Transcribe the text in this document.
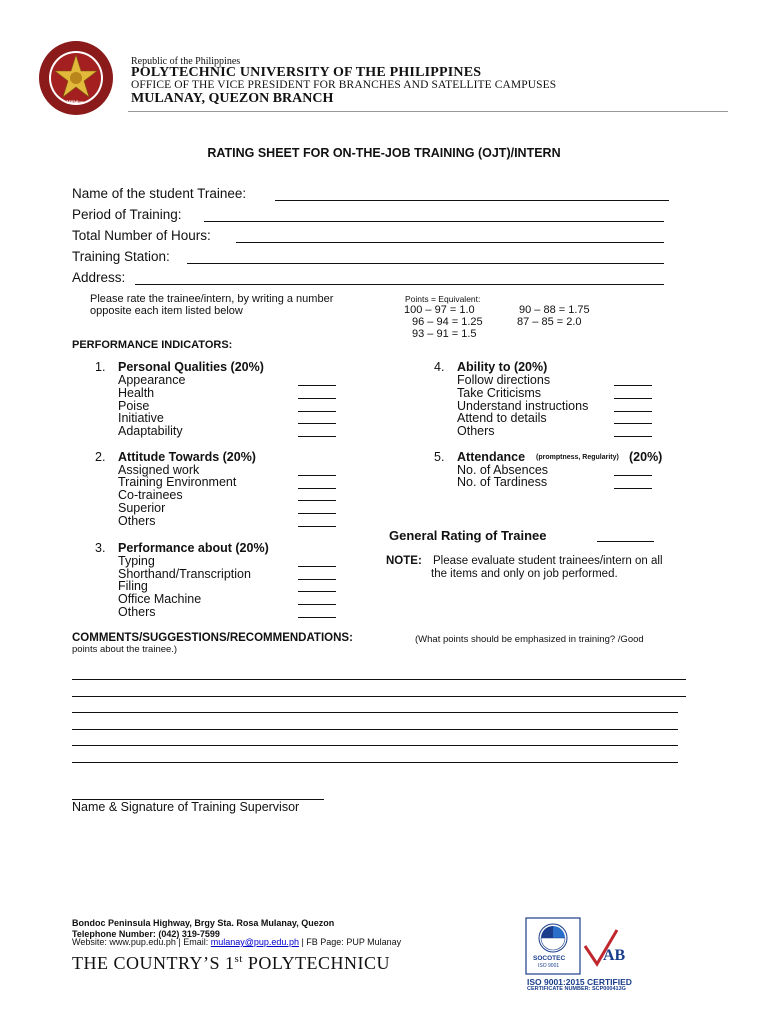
1904
Republic of the Philippines
POLYTECHNIC UNIVERSITY OF THE PHILIPPINES
OFFICE OF THE VICE PRESIDENT FOR BRANCHES AND SATELLITE CAMPUSES
MULANAY, QUEZON BRANCH
RATING SHEET FOR ON-THE-JOB TRAINING (OJT)/INTERN
Name of the student Trainee:
Period of Training:
Total Number of Hours:
Training Station:
Address:
Please rate the trainee/intern, by writing a number
opposite each item listed below
Points = Equivalent:
100 – 97 = 1.0
96 – 94 = 1.25
93 – 91 = 1.5
90 – 88 = 1.75
87 – 85 = 2.0
PERFORMANCE INDICATORS:
1. Personal Qualities (20%)
Appearance
Health
Poise
Initiative
Adaptability
2. Attitude Towards (20%)
Assigned work
Training Environment
Co-trainees
Superior
Others
3. Performance about (20%)
Typing
Shorthand/Transcription
Filing
Office Machine
Others
4. Ability to (20%)
Follow directions
Take Criticisms
Understand instructions
Attend to details
Others
5. Attendance (promptness, Regularity) (20%)
No. of Absences
No. of Tardiness
General Rating of Trainee
NOTE: Please evaluate student trainees/intern on all
the items and only on job performed.
COMMENTS/SUGGESTIONS/RECOMMENDATIONS:	(What points should be emphasized in training? /Good
points about the trainee.)
Name & Signature of Training Supervisor
Bondoc Peninsula Highway, Brgy Sta. Rosa Mulanay, Quezon
Telephone Number: (042) 319-7599
Website: www.pup.edu.ph | Email: mulanay@pup.edu.ph | FB Page: PUP Mulanay
THE COUNTRY’S 1st POLYTECHNICU	AB
SOCOTEC
ISO 9001
ISO 9001:2015 CERTIFIED
CERTIFICATE NUMBER: SCP000413G
